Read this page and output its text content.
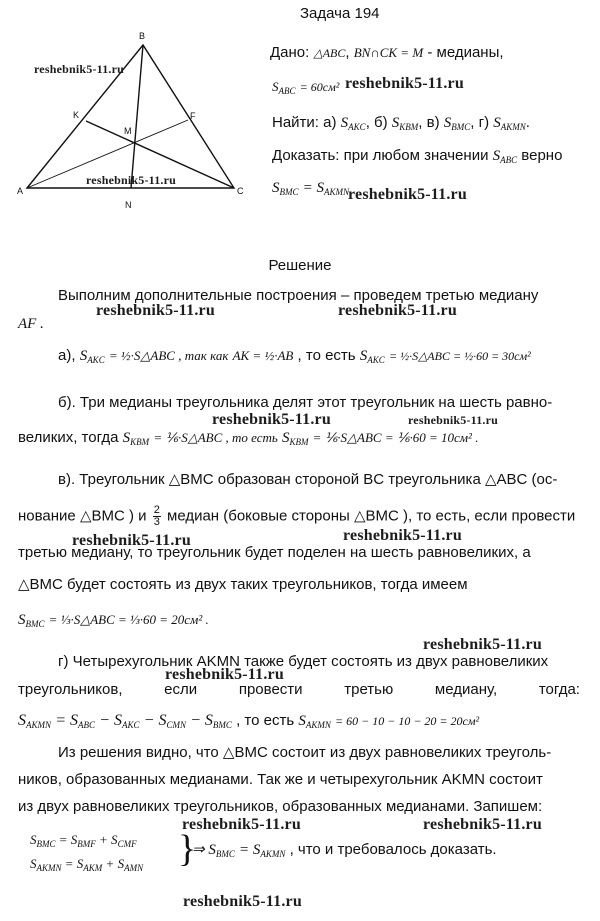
B
A	C
K
M
F
N
Задача 194
Дано: △ABC, BN∩CK = M - медианы,
$S_{ABC} = 60см^2$
Найти: а) $S_{AKC}$, б) $S_{KBM}$, в) $S_{BMC}$, г) $S_{AKMN}$.
Доказать: при любом значении $S_{ABC}$ верно
$S_{BMC} = S_{AKMN}$
Решение
Выполним дополнительные построения – проведем третью медиану
AF .
а), $S_{AKC}$ = ½·S△ABC , так как AK = ½·AB , то есть $S_{AKC}$ = ½·S△ABC = ½·60 = 30см²
б). Три медианы треугольника делят этот треугольник на шесть равно-
великих, тогда $S_{KBM}$ = ⅙·S△ABC , то есть $S_{KBM}$ = ⅙·S△ABC = ⅙·60 = 10см² .
в). Треугольник △BMC образован стороной BC треугольника △ABC (ос-
нование △BMC ) и $\frac{2}{3}$ медиан (боковые стороны △BMC ), то есть, если провести
третью медиану, то треугольник будет поделен на шесть равновеликих, а
△BMC будет состоять из двух таких треугольников, тогда имеем
$S_{BMC}$ = ⅓·S△ABC = ⅓·60 = 20см² .
г) Четырехугольник AKMN также будет состоять из двух равновеликих
треугольников,	если	провести	третью	медиану,	тогда:
$S_{AKMN} = S_{ABC} - S_{AKC} - S_{CMN} - S_{BMC}$ , то есть $S_{AKMN} = 60 - 10 - 10 - 20 = 20см^2$
Из решения видно, что △BMC состоит из двух равновеликих треуголь-
ников, образованных медианами. Так же и четырехугольник AKMN состоит
из двух равновеликих треугольников, образованных медианами. Запишем:
$S_{BMC} = S_{BMF} + S_{CMF}$
$S_{AKMN} = S_{AKM} + S_{AMN}$ }
⇒ $S_{BMC} = S_{AKMN}$ , что и требовалось доказать.
reshebnik5-11.ru
reshebnik5-11.ru
reshebnik5-11.ru
reshebnik5-11.ru
reshebnik5-11.ru	reshebnik5-11.ru
reshebnik5-11.ru	reshebnik5-11.ru
reshebnik5-11.ru
reshebnik5-11.ru
reshebnik5-11.ru
reshebnik5-11.ru
reshebnik5-11.ru	reshebnik5-11.ru
reshebnik5-11.ru
